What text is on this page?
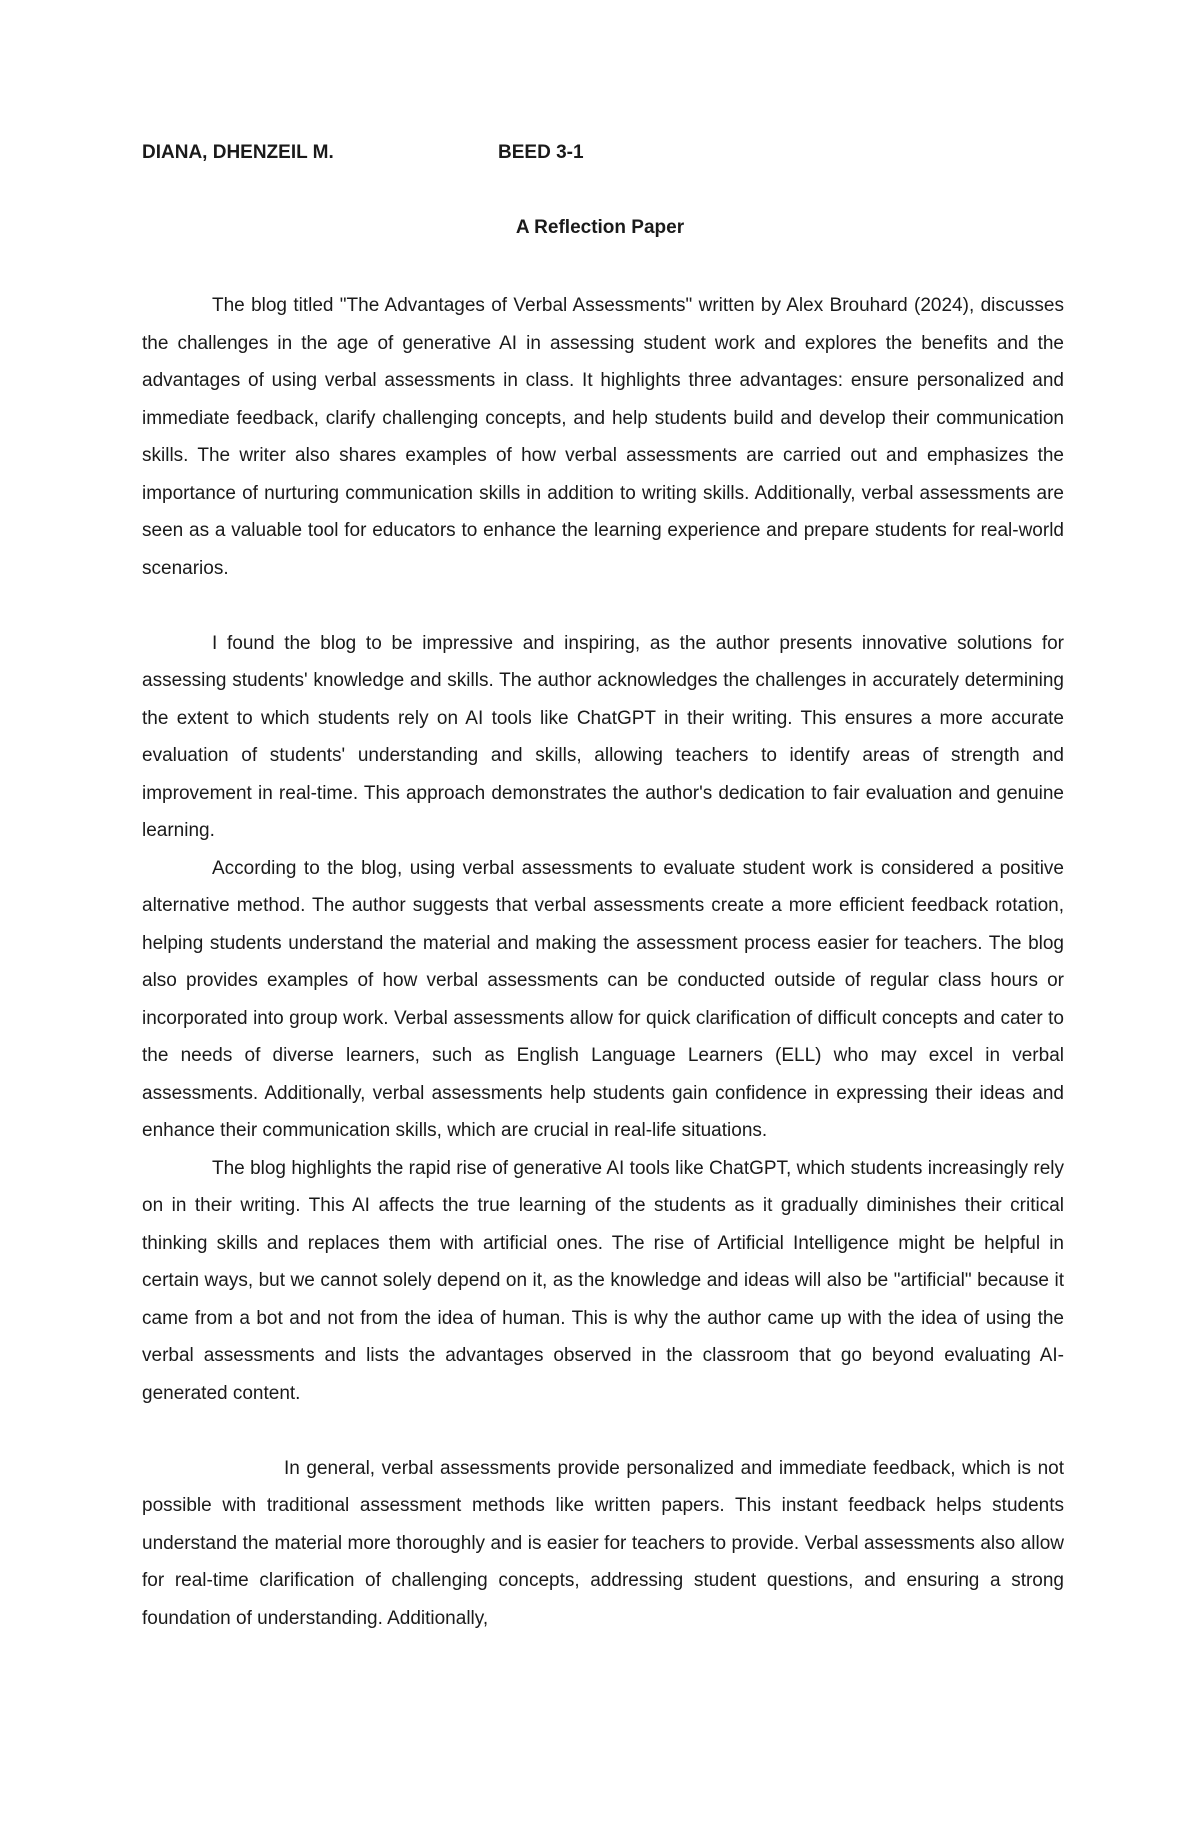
DIANA, DHENZEIL M.	BEED 3-1
A Reflection Paper

The blog titled "The Advantages of Verbal Assessments" written by Alex Brouhard (2024), discusses the challenges in the age of generative AI in assessing student work and explores the benefits and the advantages of using verbal assessments in class. It highlights three advantages: ensure personalized and immediate feedback, clarify challenging concepts, and help students build and develop their communication skills. The writer also shares examples of how verbal assessments are carried out and emphasizes the importance of nurturing communication skills in addition to writing skills. Additionally, verbal assessments are seen as a valuable tool for educators to enhance the learning experience and prepare students for real-world scenarios.

I found the blog to be impressive and inspiring, as the author presents innovative solutions for assessing students' knowledge and skills. The author acknowledges the challenges in accurately determining the extent to which students rely on AI tools like ChatGPT in their writing. This ensures a more accurate evaluation of students' understanding and skills, allowing teachers to identify areas of strength and improvement in real-time. This approach demonstrates the author's dedication to fair evaluation and genuine learning.

According to the blog, using verbal assessments to evaluate student work is considered a positive alternative method. The author suggests that verbal assessments create a more efficient feedback rotation, helping students understand the material and making the assessment process easier for teachers. The blog also provides examples of how verbal assessments can be conducted outside of regular class hours or incorporated into group work. Verbal assessments allow for quick clarification of difficult concepts and cater to the needs of diverse learners, such as English Language Learners (ELL) who may excel in verbal assessments. Additionally, verbal assessments help students gain confidence in expressing their ideas and enhance their communication skills, which are crucial in real-life situations.

The blog highlights the rapid rise of generative AI tools like ChatGPT, which students increasingly rely on in their writing. This AI affects the true learning of the students as it gradually diminishes their critical thinking skills and replaces them with artificial ones. The rise of Artificial Intelligence might be helpful in certain ways, but we cannot solely depend on it, as the knowledge and ideas will also be "artificial" because it came from a bot and not from the idea of human. This is why the author came up with the idea of using the verbal assessments and lists the advantages observed in the classroom that go beyond evaluating AI-generated content.

In general, verbal assessments provide personalized and immediate feedback, which is not possible with traditional assessment methods like written papers. This instant feedback helps students understand the material more thoroughly and is easier for teachers to provide. Verbal assessments also allow for real-time clarification of challenging concepts, addressing student questions, and ensuring a strong foundation of understanding. Additionally,
